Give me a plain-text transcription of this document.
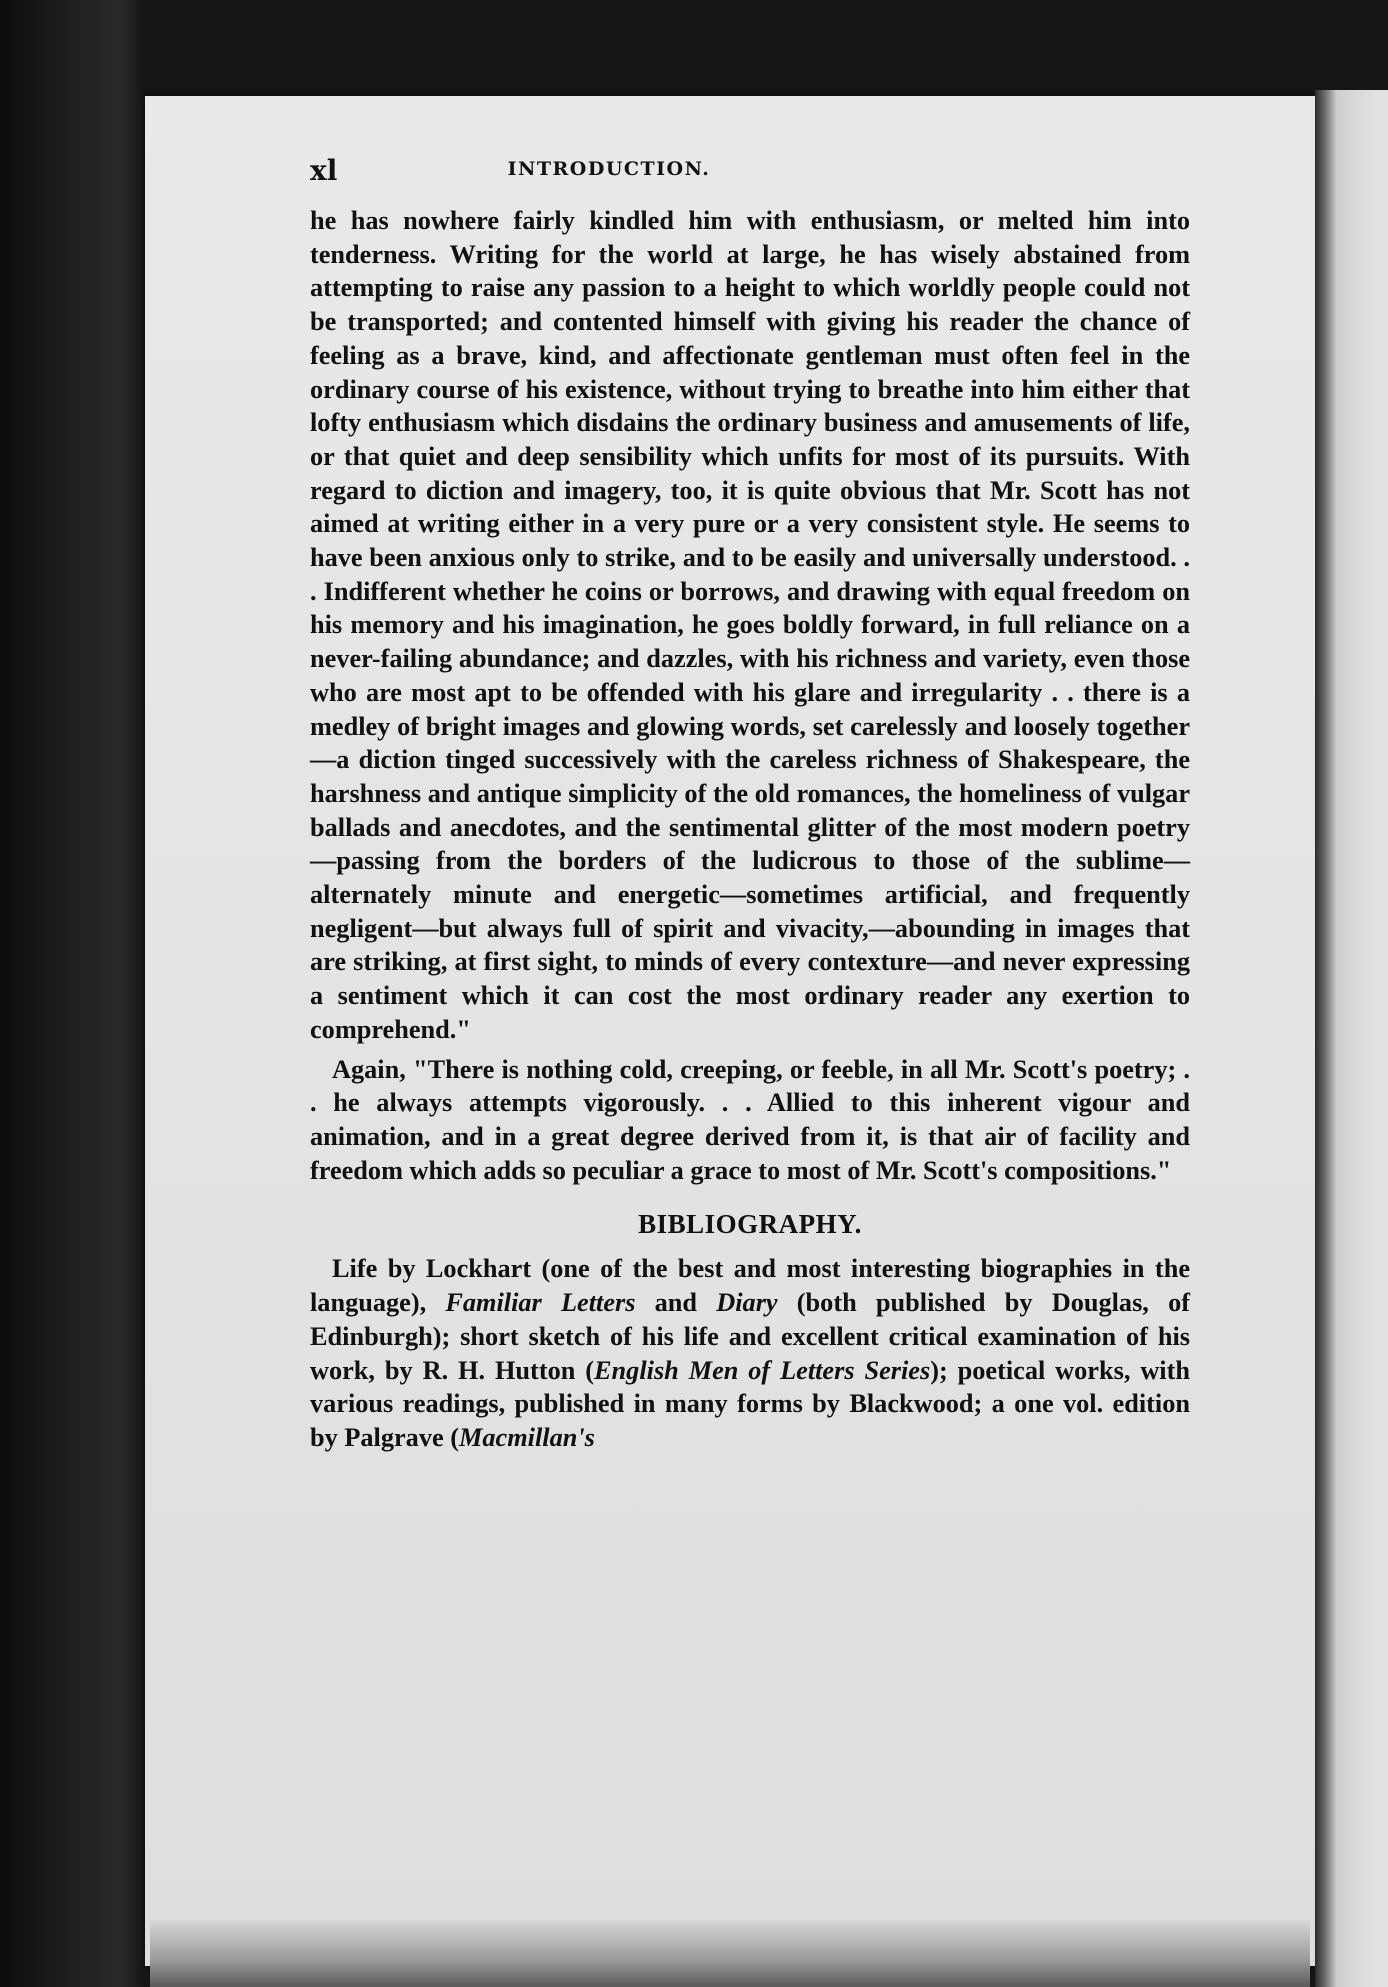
xl	INTRODUCTION.

he has nowhere fairly kindled him with enthusiasm, or melted him into tenderness. Writing for the world at large, he has wisely abstained from attempting to raise any passion to a height to which worldly people could not be transported; and contented himself with giving his reader the chance of feeling as a brave, kind, and affectionate gentleman must often feel in the ordinary course of his existence, without trying to breathe into him either that lofty enthusiasm which disdains the ordinary business and amusements of life, or that quiet and deep sensibility which unfits for most of its pursuits. With regard to diction and imagery, too, it is quite obvious that Mr. Scott has not aimed at writing either in a very pure or a very consistent style. He seems to have been anxious only to strike, and to be easily and universally understood. . . Indifferent whether he coins or borrows, and drawing with equal freedom on his memory and his imagination, he goes boldly forward, in full reliance on a never-failing abundance; and dazzles, with his richness and variety, even those who are most apt to be offended with his glare and irregularity . . there is a medley of bright images and glowing words, set carelessly and loosely together —a diction tinged successively with the careless richness of Shakespeare, the harshness and antique simplicity of the old romances, the homeliness of vulgar ballads and anecdotes, and the sentimental glitter of the most modern poetry—passing from the borders of the ludicrous to those of the sublime—alternately minute and energetic—sometimes artificial, and frequently negligent—but always full of spirit and vivacity,—abounding in images that are striking, at first sight, to minds of every contexture—and never expressing a sentiment which it can cost the most ordinary reader any exertion to comprehend."

Again, "There is nothing cold, creeping, or feeble, in all Mr. Scott's poetry; . . he always attempts vigorously. . . Allied to this inherent vigour and animation, and in a great degree derived from it, is that air of facility and freedom which adds so peculiar a grace to most of Mr. Scott's compositions."

BIBLIOGRAPHY.

Life by Lockhart (one of the best and most interesting biographies in the language), Familiar Letters and Diary (both published by Douglas, of Edinburgh); short sketch of his life and excellent critical examination of his work, by R. H. Hutton (English Men of Letters Series); poetical works, with various readings, published in many forms by Blackwood; a one vol. edition by Palgrave (Macmillan's
